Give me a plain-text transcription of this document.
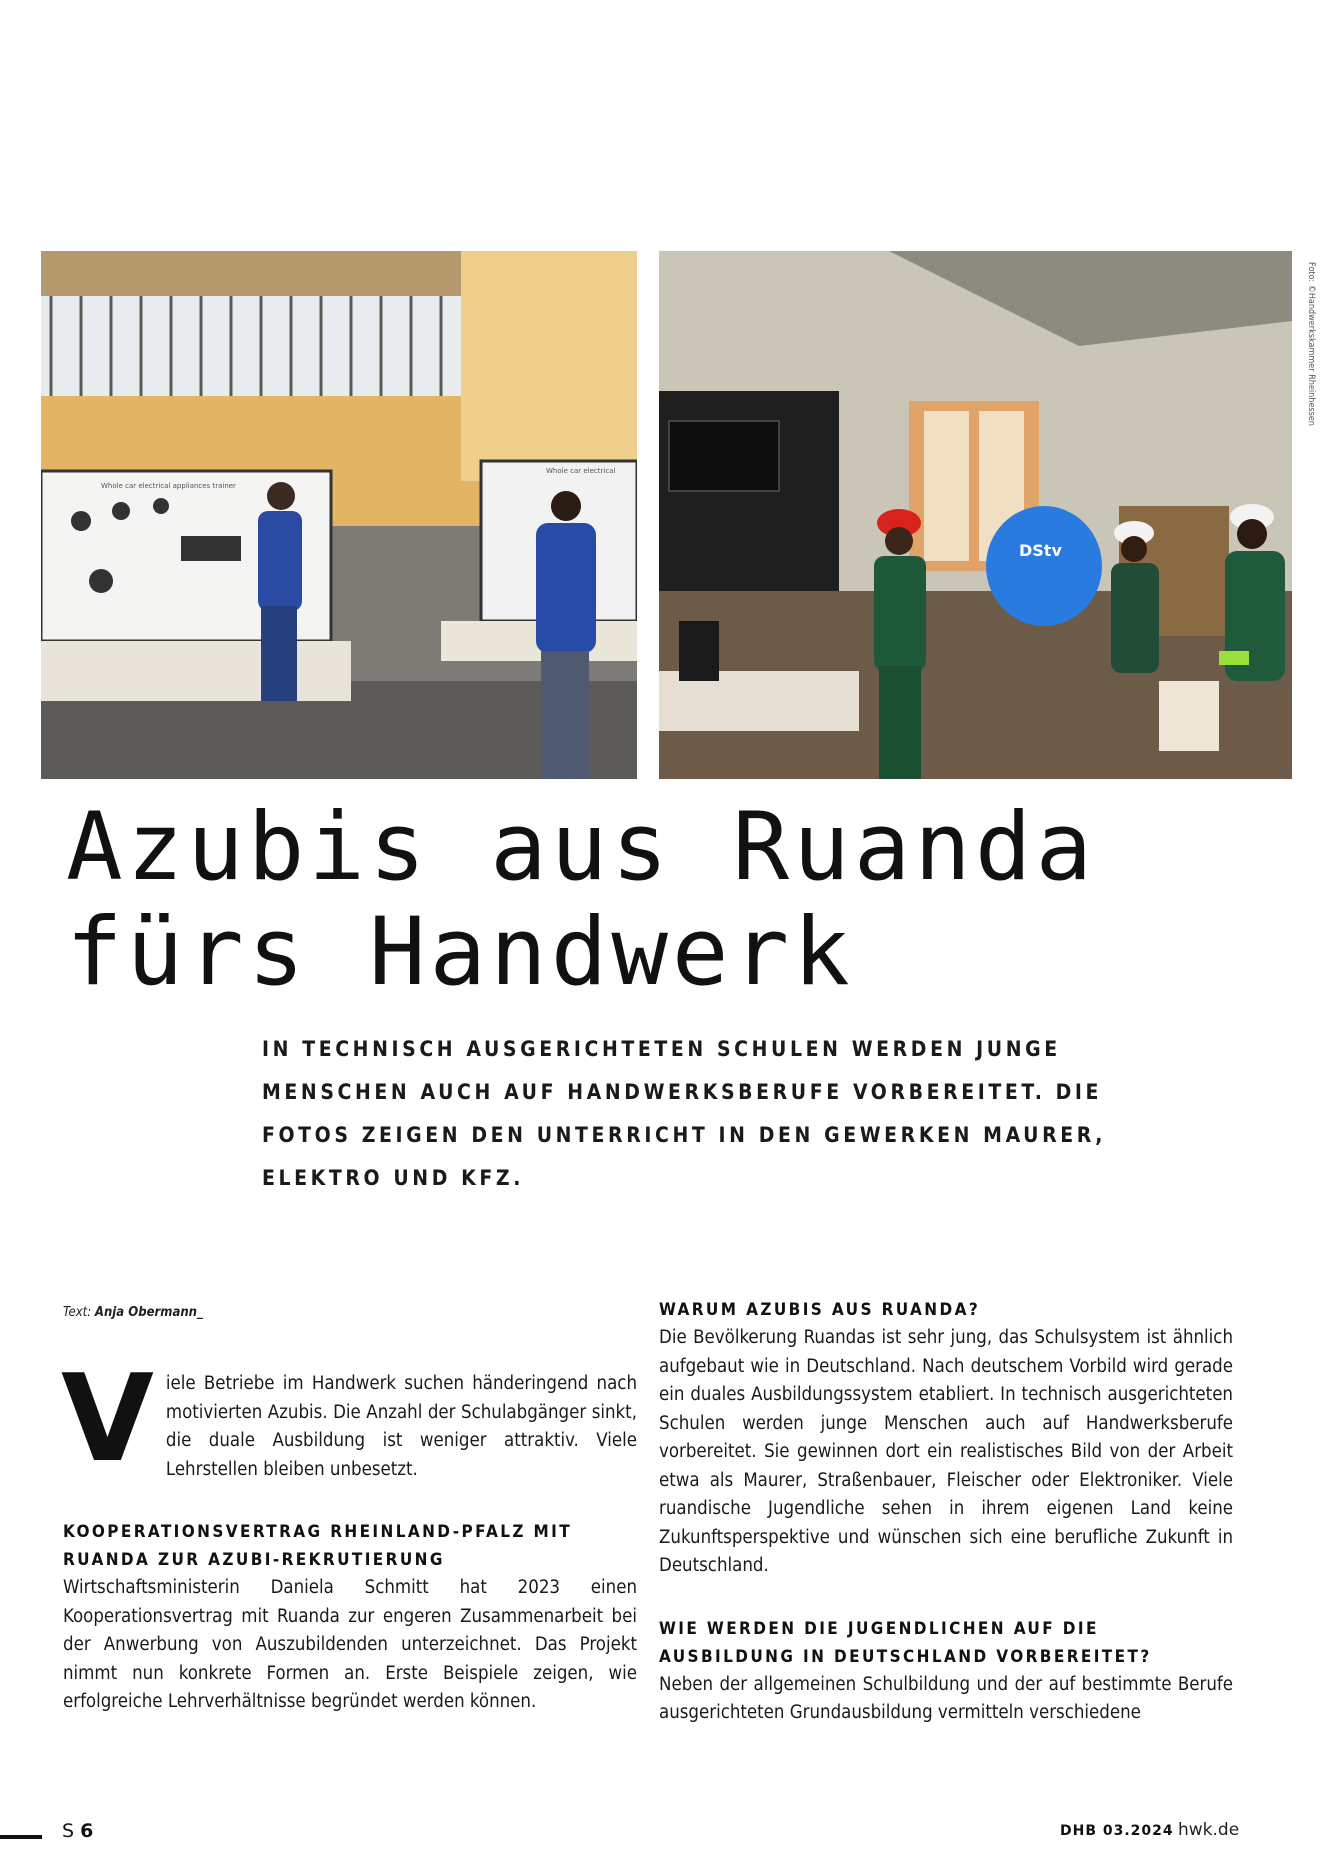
Whole car electrical appliances trainer
Whole car electrical
DStv
Foto: ©Handwerkskammer Rheinhessen
Azubis aus Ruanda
fürs Handwerk
IN TECHNISCH AUSGERICHTETEN SCHULEN WERDEN JUNGE MENSCHEN AUCH AUF HANDWERKSBERUFE VORBEREITET. DIE FOTOS ZEIGEN DEN UNTERRICHT IN DEN GEWERKEN MAURER, ELEKTRO UND KFZ.
Text: Anja Obermann_

Viele Betriebe im Handwerk suchen händeringend nach motivierten Azubis. Die Anzahl der Schulabgänger sinkt, die duale Ausbildung ist weniger attraktiv. Viele Lehrstellen bleiben unbesetzt.

KOOPERATIONSVERTRAG RHEINLAND-PFALZ MIT RUANDA ZUR AZUBI-REKRUTIERUNG

Wirtschaftsministerin Daniela Schmitt hat 2023 einen Kooperationsvertrag mit Ruanda zur engeren Zusammenarbeit bei der Anwerbung von Auszubildenden unterzeichnet. Das Projekt nimmt nun konkrete Formen an. Erste Beispiele zeigen, wie erfolgreiche Lehrverhältnisse begründet werden können.

WARUM AZUBIS AUS RUANDA?

Die Bevölkerung Ruandas ist sehr jung, das Schulsystem ist ähnlich aufgebaut wie in Deutschland. Nach deutschem Vorbild wird gerade ein duales Ausbildungssystem etabliert. In technisch ausgerichteten Schulen werden junge Menschen auch auf Handwerksberufe vorbereitet. Sie gewinnen dort ein realistisches Bild von der Arbeit etwa als Maurer, Straßenbauer, Fleischer oder Elektroniker. Viele ruandische Jugendliche sehen in ihrem eigenen Land keine Zukunftsperspektive und wünschen sich eine berufliche Zukunft in Deutschland.

WIE WERDEN DIE JUGENDLICHEN AUF DIE AUSBILDUNG IN DEUTSCHLAND VORBEREITET?

Neben der allgemeinen Schulbildung und der auf bestimmte Berufe ausgerichteten Grundausbildung vermitteln verschiedene

S 6	DHB 03.2024 hwk.de
